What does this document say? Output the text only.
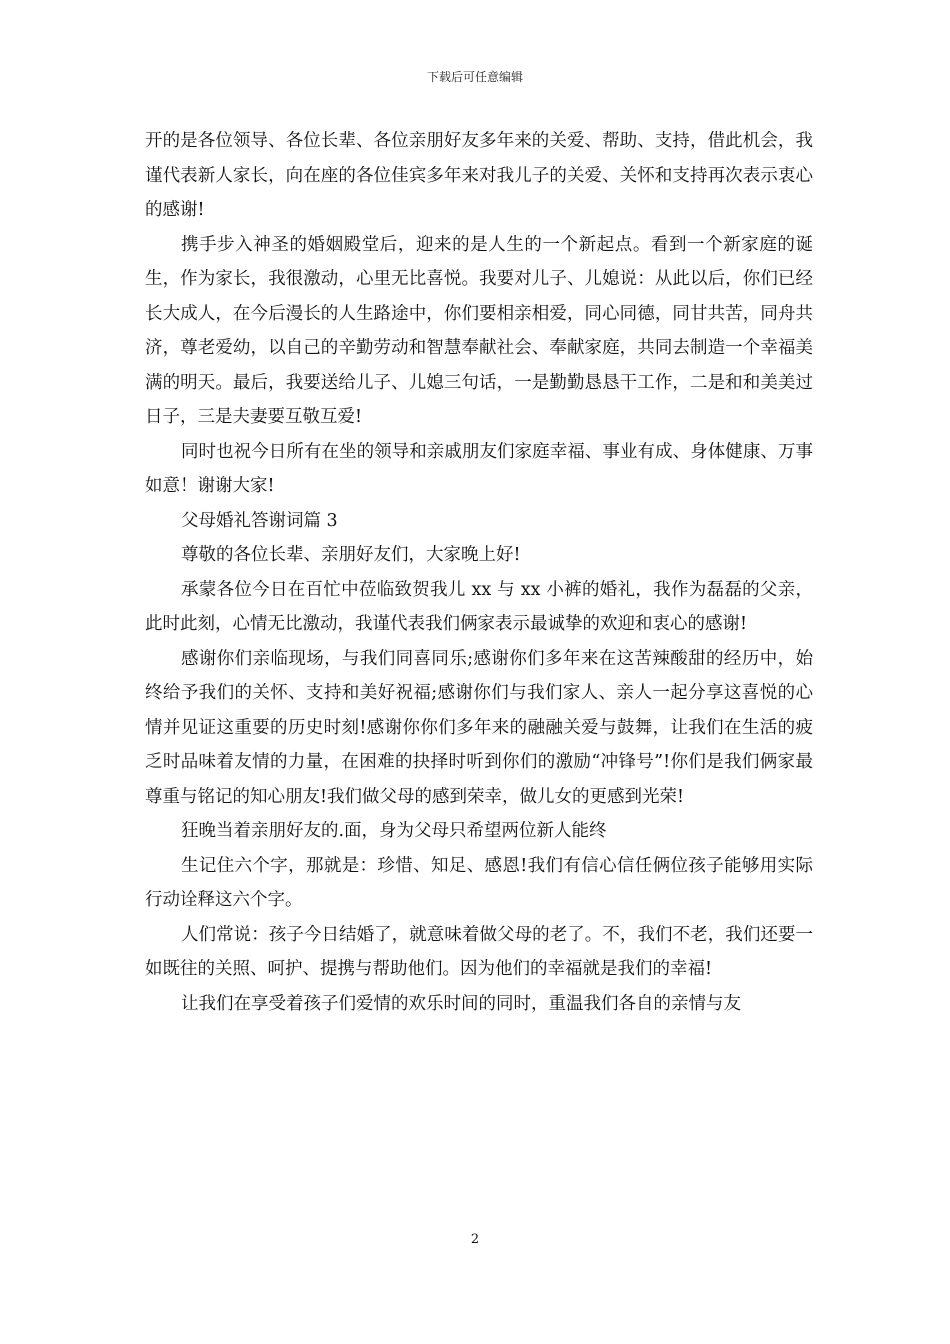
下载后可任意编辑

开的是各位领导、各位长辈、各位亲朋好友多年来的关爱、帮助、支持，借此机会，我谨代表新人家长，向在座的各位佳宾多年来对我儿子的关爱、关怀和支持再次表示衷心的感谢!

携手步入神圣的婚姻殿堂后，迎来的是人生的一个新起点。看到一个新家庭的诞生，作为家长，我很激动，心里无比喜悦。我要对儿子、儿媳说：从此以后，你们已经长大成人，在今后漫长的人生路途中，你们要相亲相爱，同心同德，同甘共苦，同舟共济，尊老爱幼，以自己的辛勤劳动和智慧奉献社会、奉献家庭，共同去制造一个幸福美满的明天。最后，我要送给儿子、儿媳三句话，一是勤勤恳恳干工作，二是和和美美过日子，三是夫妻要互敬互爱!

同时也祝今日所有在坐的领导和亲戚朋友们家庭幸福、事业有成、身体健康、万事如意！谢谢大家!

父母婚礼答谢词篇 3

尊敬的各位长辈、亲朋好友们，大家晚上好!

承蒙各位今日在百忙中莅临致贺我儿 xx 与 xx 小裤的婚礼，我作为磊磊的父亲，此时此刻，心情无比激动，我谨代表我们俩家表示最诚挚的欢迎和衷心的感谢!

感谢你们亲临现场，与我们同喜同乐;感谢你们多年来在这苦辣酸甜的经历中，始终给予我们的关怀、支持和美好祝福;感谢你们与我们家人、亲人一起分享这喜悦的心情并见证这重要的历史时刻!感谢你你们多年来的融融关爱与鼓舞，让我们在生活的疲乏时品味着友情的力量，在困难的抉择时听到你们的激励“冲锋号”!你们是我们俩家最尊重与铭记的知心朋友!我们做父母的感到荣幸，做儿女的更感到光荣!

狂晚当着亲朋好友的.面，身为父母只希望两位新人能终

生记住六个字，那就是：珍惜、知足、感恩!我们有信心信任俩位孩子能够用实际行动诠释这六个字。

人们常说：孩子今日结婚了，就意味着做父母的老了。不，我们不老，我们还要一如既往的关照、呵护、提携与帮助他们。因为他们的幸福就是我们的幸福!

让我们在享受着孩子们爱情的欢乐时间的同时，重温我们各自的亲情与友

2
